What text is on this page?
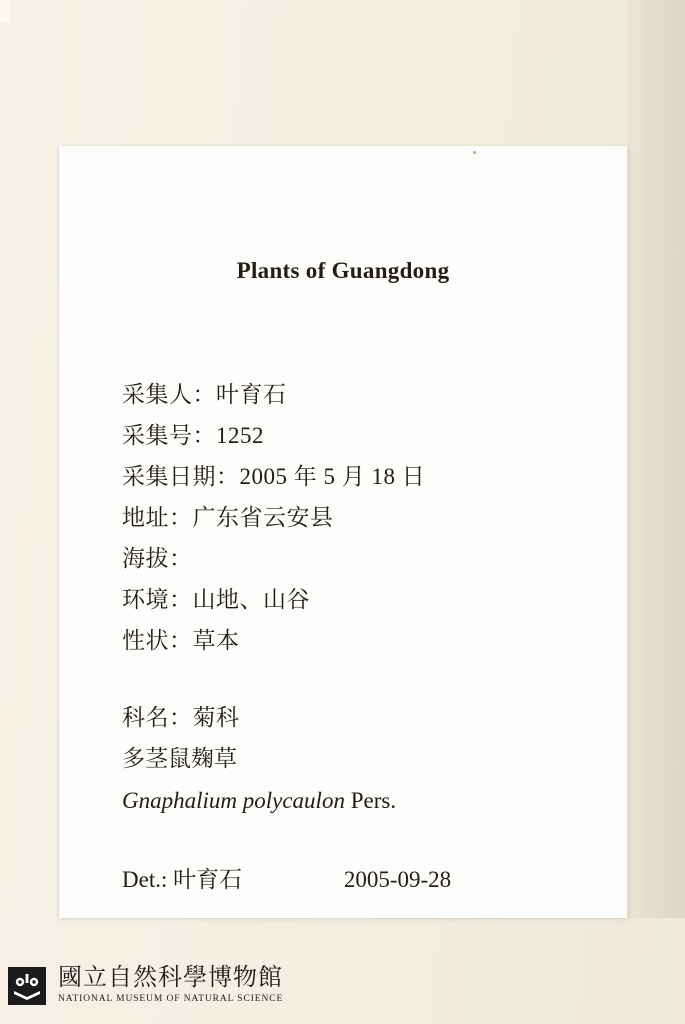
Plants of Guangdong
采集人：叶育石
采集号：1252
采集日期：2005 年 5 月 18 日
地址：广东省云安县
海拔：
环境：山地、山谷
性状：草本
科名：菊科
多茎鼠麹草
Gnaphalium polycaulon Pers.
Det.: 叶育石	2005-09-28
國立自然科學博物館
NATIONAL MUSEUM OF NATURAL SCIENCE
